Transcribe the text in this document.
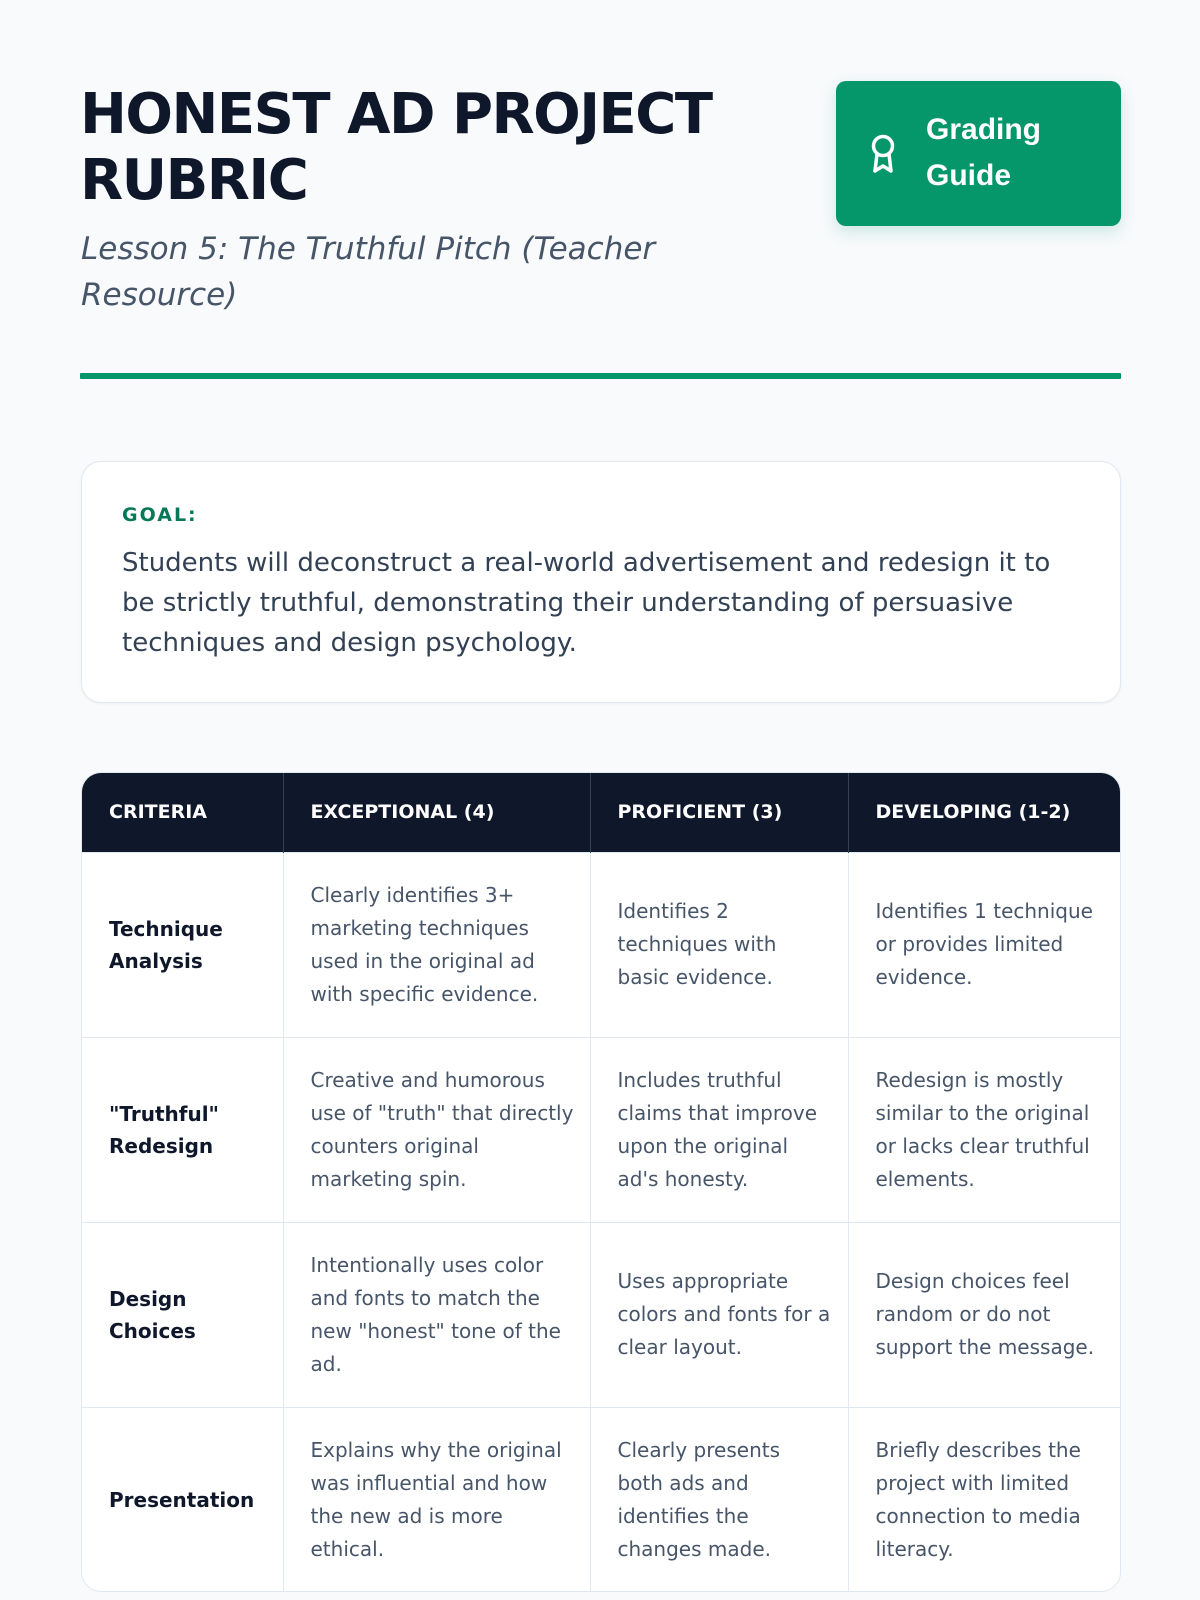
HONEST AD PROJECT RUBRIC

Lesson 5: The Truthful Pitch (Teacher Resource)

Grading Guide
GOAL:

Students will deconstruct a real-world advertisement and redesign it to be strictly truthful, demonstrating their understanding of persuasive techniques and design psychology.

CRITERIA	EXCEPTIONAL (4)	PROFICIENT (3)	DEVELOPING (1-2)
Technique Analysis	Clearly identifies 3+ marketing techniques used in the original ad with specific evidence.	Identifies 2 techniques with basic evidence.	Identifies 1 technique or provides limited evidence.
"Truthful" Redesign	Creative and humorous use of "truth" that directly counters original marketing spin.	Includes truthful claims that improve upon the original ad's honesty.	Redesign is mostly similar to the original or lacks clear truthful elements.
Design Choices	Intentionally uses color and fonts to match the new "honest" tone of the ad.	Uses appropriate colors and fonts for a clear layout.	Design choices feel random or do not support the message.
Presentation	Explains why the original was influential and how the new ad is more ethical.	Clearly presents both ads and identifies the changes made.	Briefly describes the project with limited connection to media literacy.
